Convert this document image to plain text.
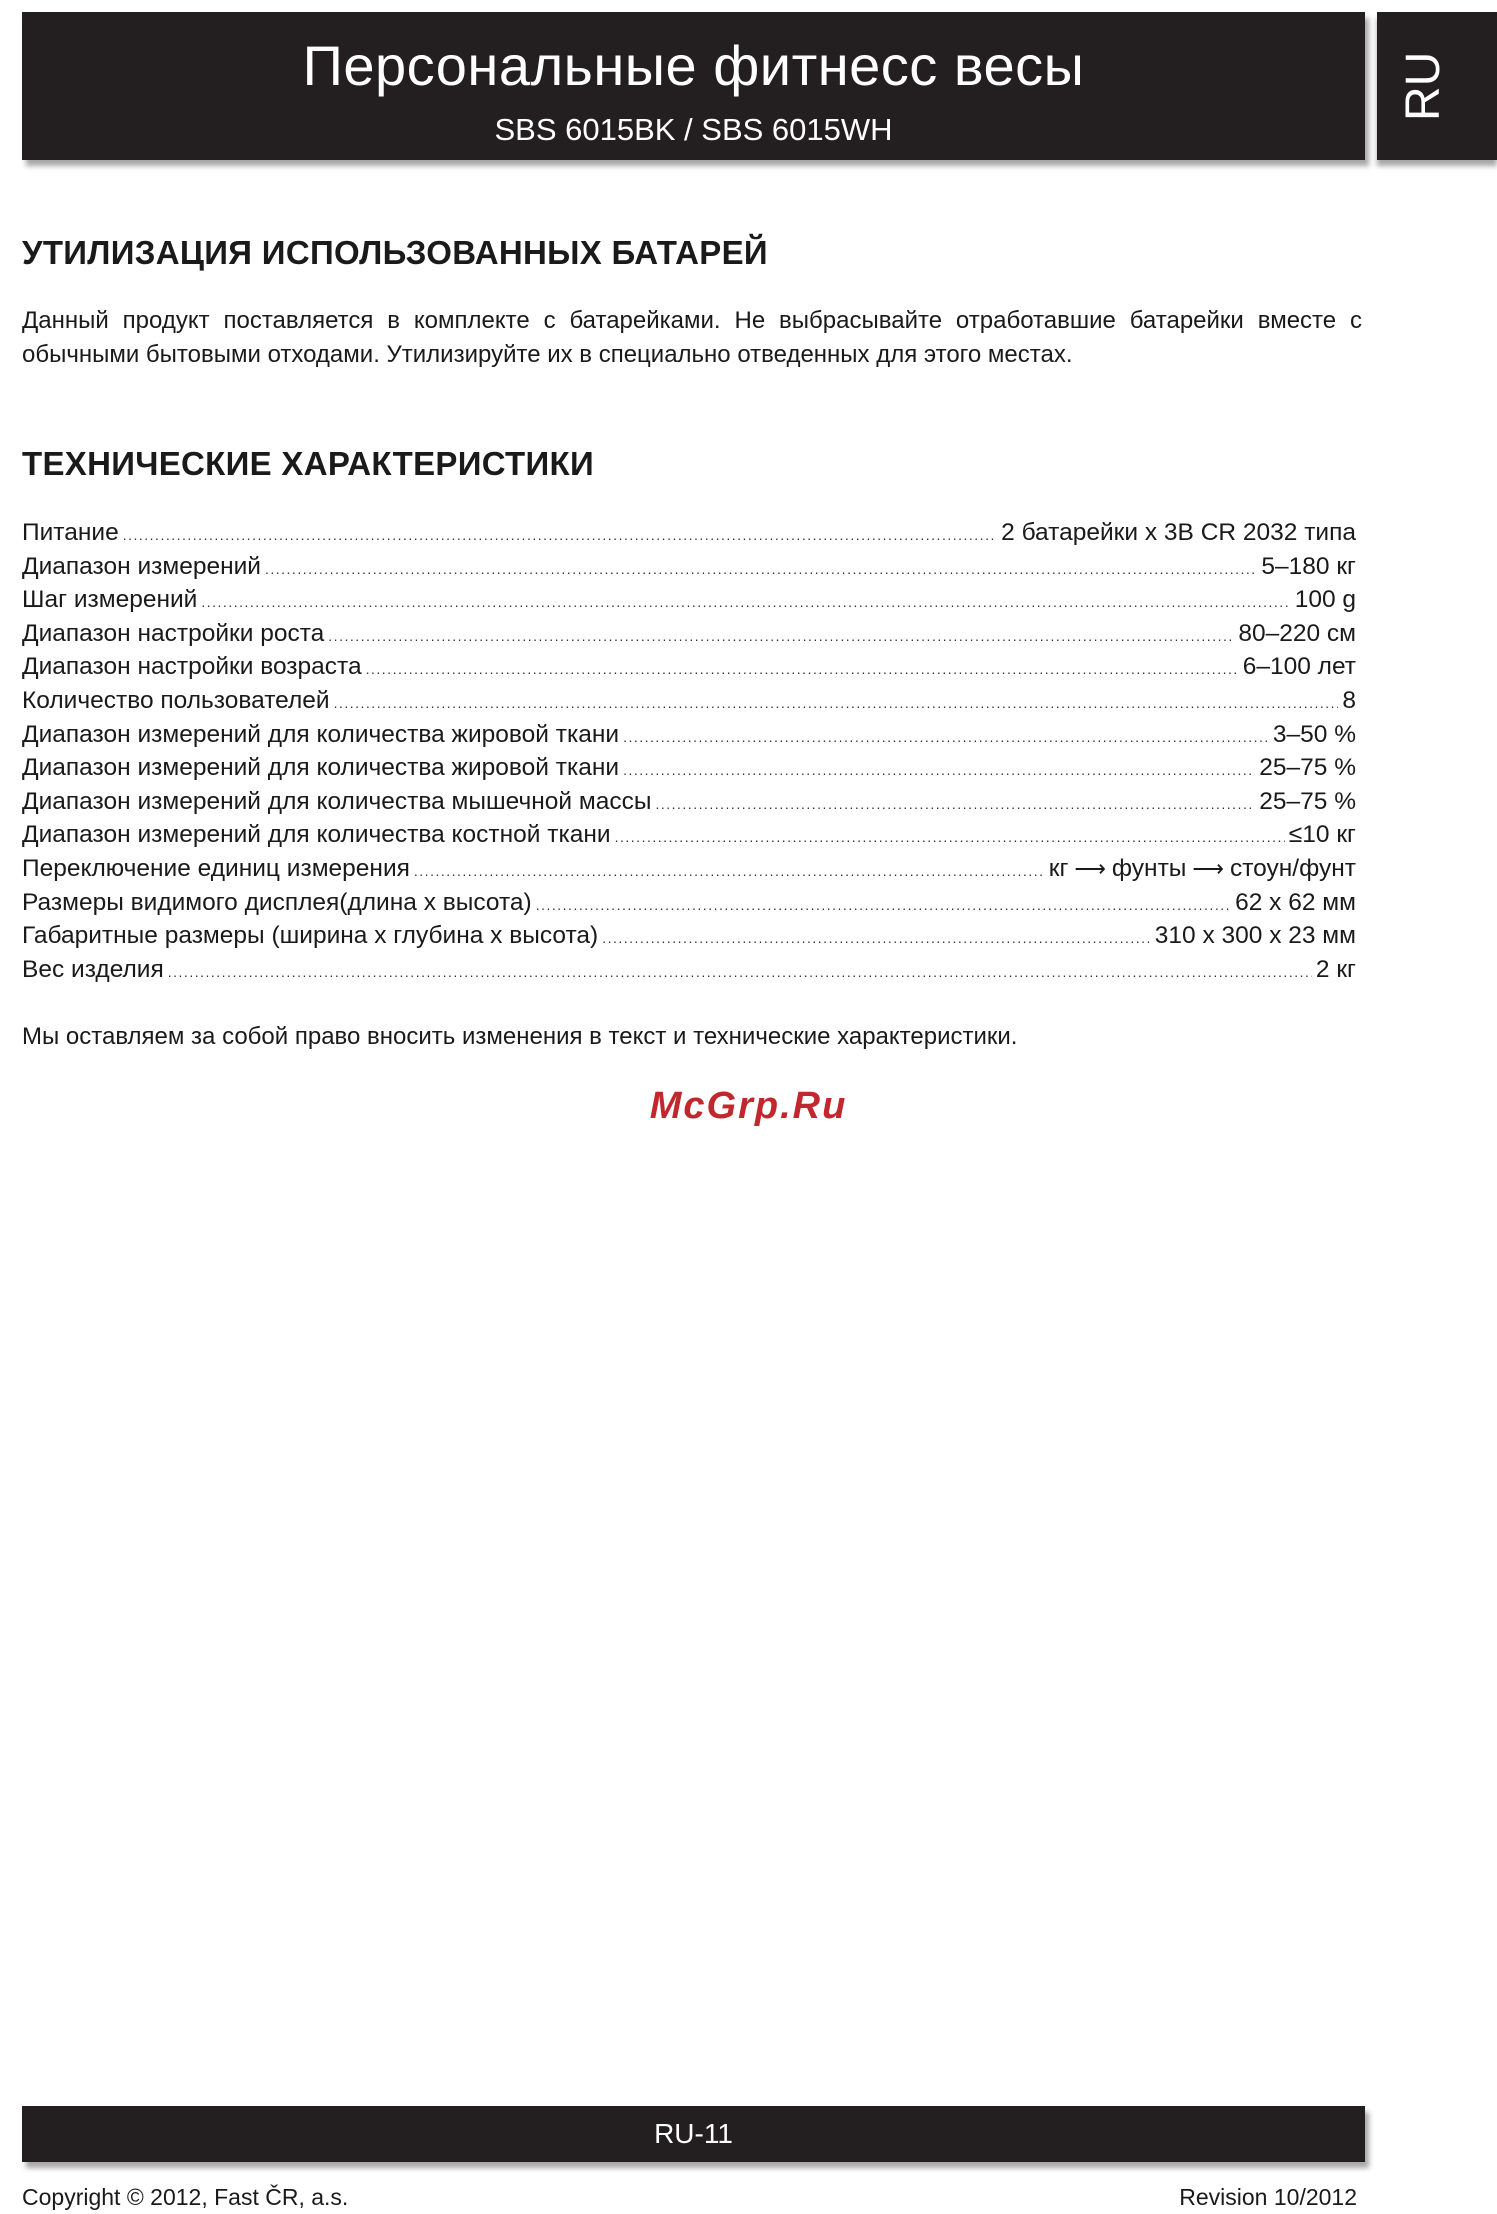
Персональные фитнесс весы
SBS 6015BK / SBS 6015WH
RU
УТИЛИЗАЦИЯ ИСПОЛЬЗОВАННЫХ БАТАРЕЙ

Данный продукт поставляется в комплекте с батарейками. Не выбрасывайте отработавшие батарейки вместе с обычными бытовыми отходами. Утилизируйте их в специально отведенных для этого местах.

ТЕХНИЧЕСКИЕ ХАРАКТЕРИСТИКИ
Питание .....	2 батарейки x 3В CR 2032 типа
Диапазон измерений .....	5–180 кг
Шаг измерений .....	100 g
Диапазон настройки роста .....	80–220 см
Диапазон настройки возраста .....	6–100 лет
Количество пользователей .....	8
Диапазон измерений для количества жировой ткани .....	3–50 %
Диапазон измерений для количества жировой ткани .....	25–75 %
Диапазон измерений для количества мышечной массы .....	25–75 %
Диапазон измерений для количества костной ткани .....	≤10 кг
Переключение единиц измерения .....	кг ⟶ фунты ⟶ стоун/фунт
Размеры видимого дисплея(длина x высота) .....	62 x 62 мм
Габаритные размеры (ширина x глубина x высота) .....	310 x 300 x 23 мм
Вес изделия .....	2 кг

Мы оставляем за собой право вносить изменения в текст и технические характеристики.

McGrp.Ru
RU-11
Copyright © 2012, Fast ČR, a.s.	Revision 10/2012
